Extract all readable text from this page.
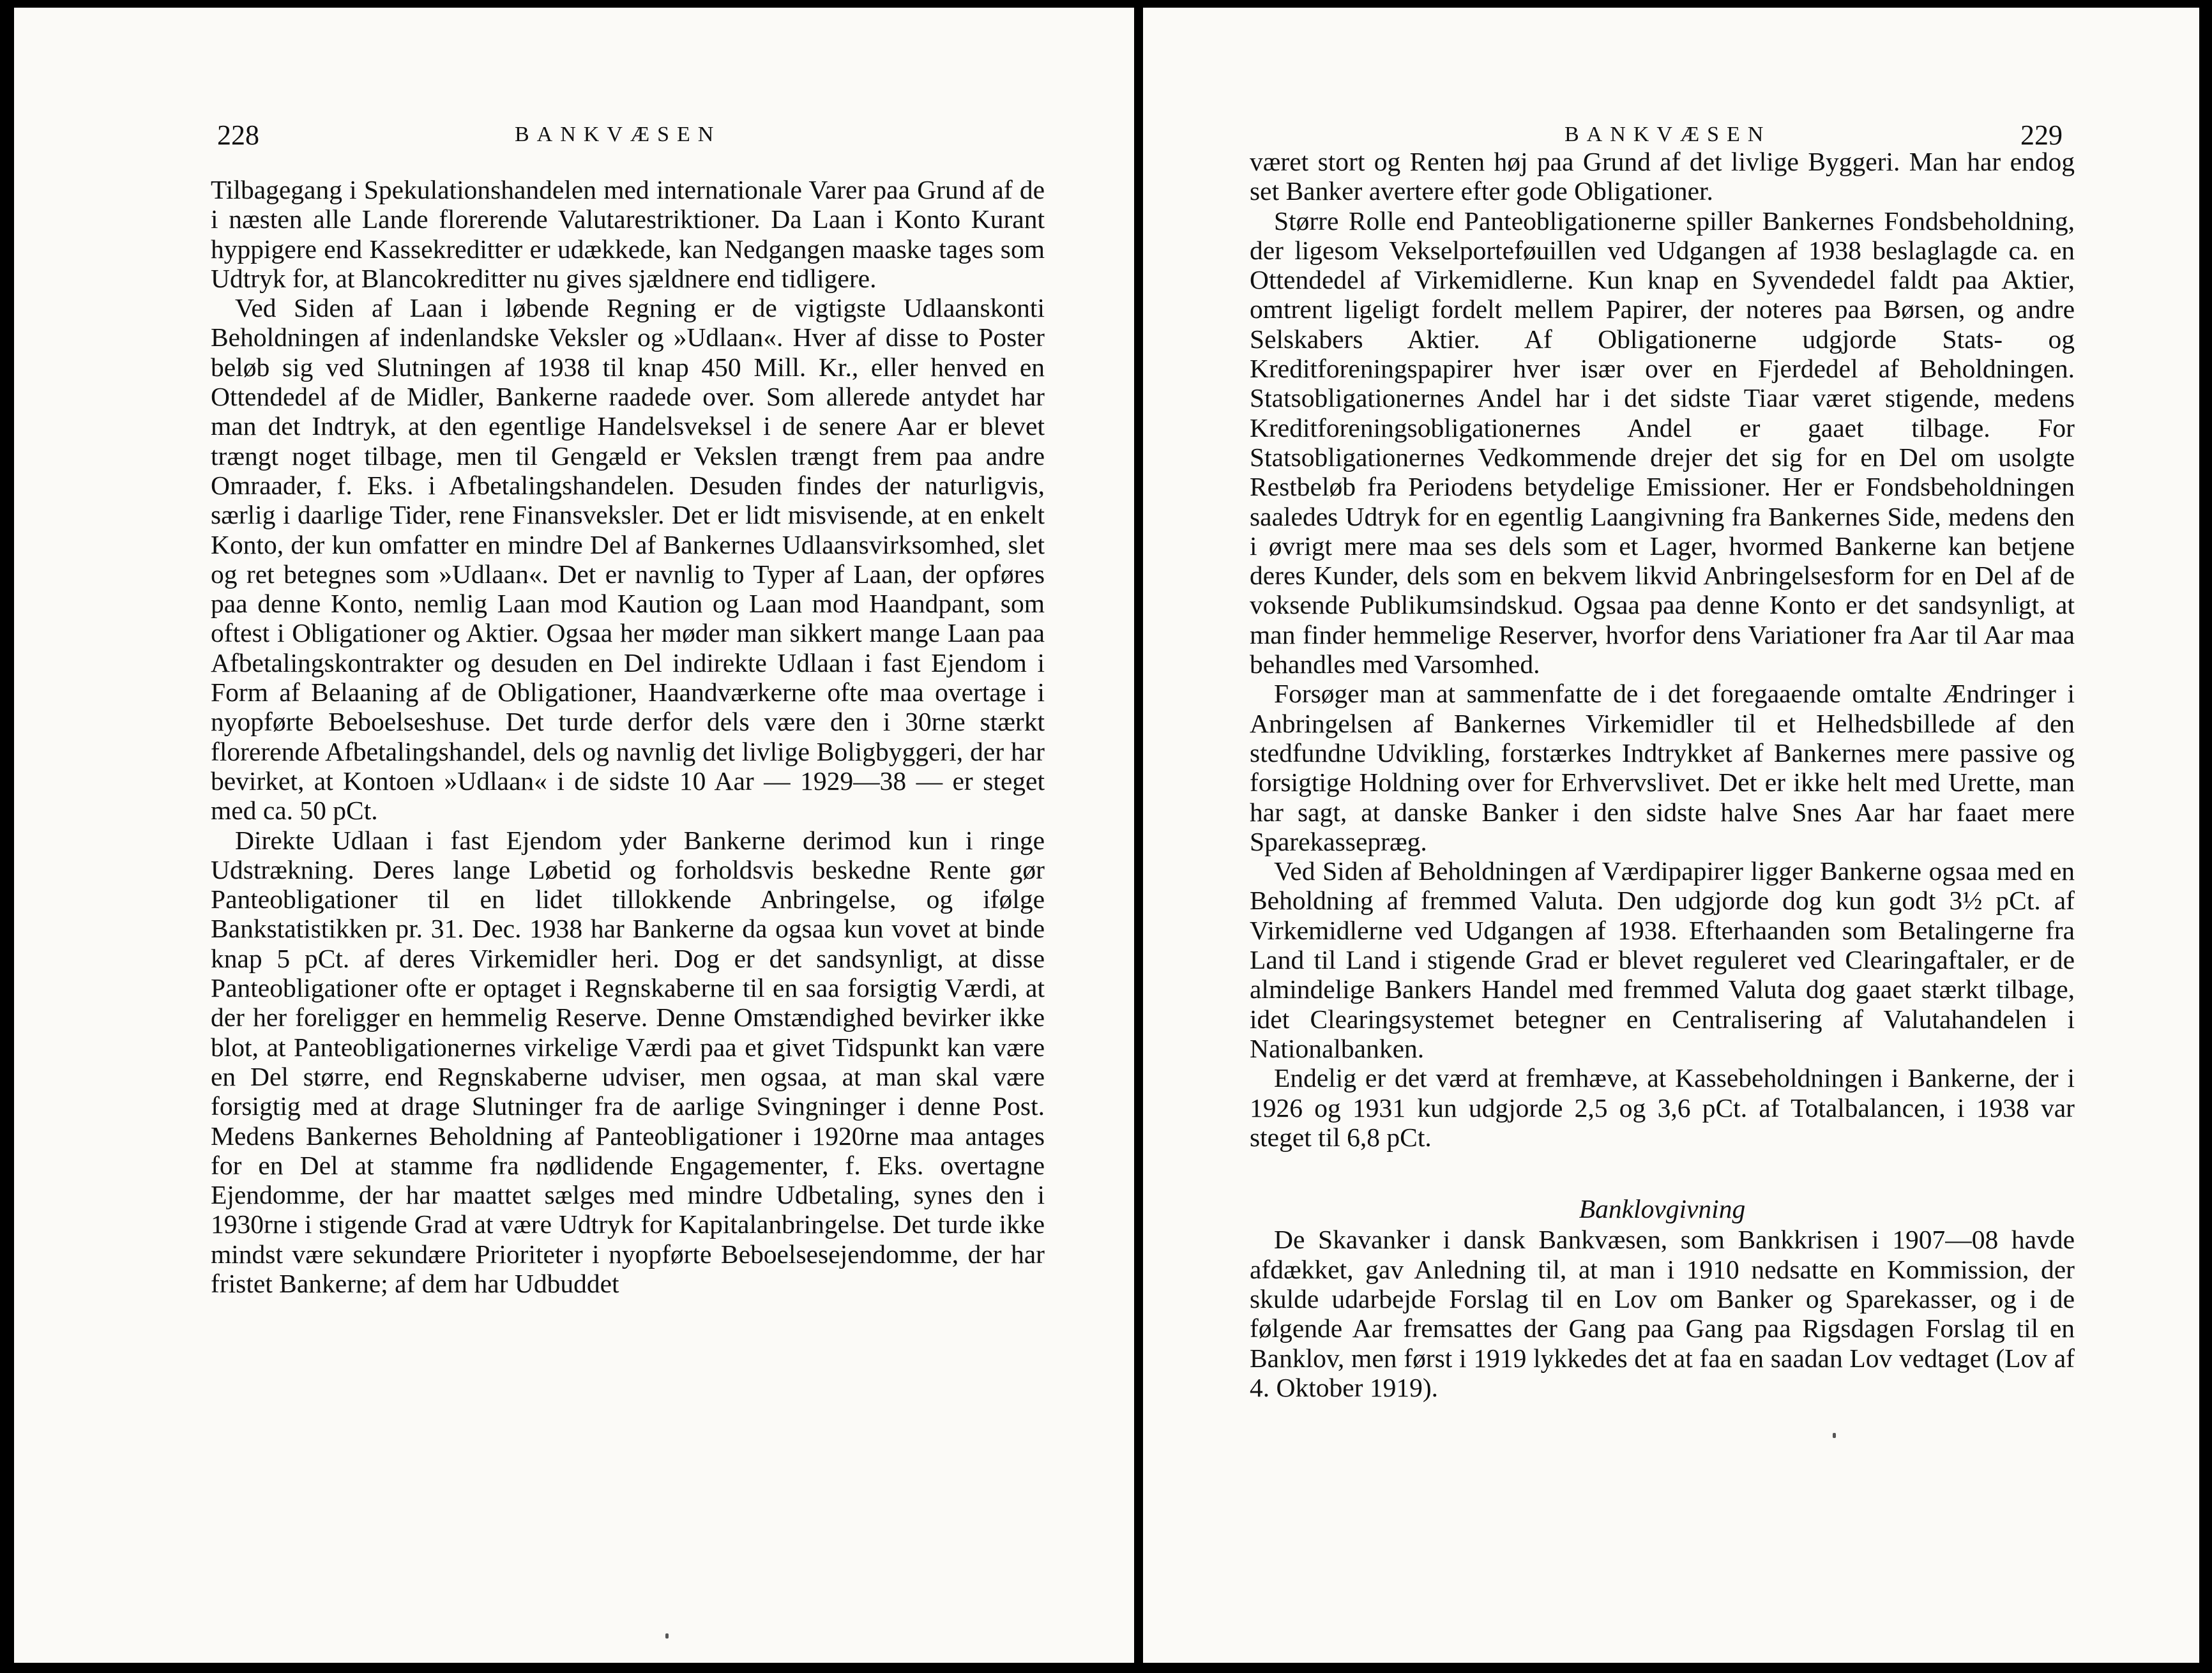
228	BANKVÆSEN

Tilbagegang i Spekulationshandelen med internationale Varer paa Grund af de i næsten alle Lande florerende Valutarestriktioner. Da Laan i Konto Kurant hyppigere end Kassekreditter er udækkede, kan Nedgangen maaske tages som Udtryk for, at Blancokreditter nu gives sjældnere end tidligere.

Ved Siden af Laan i løbende Regning er de vigtigste Udlaanskonti Beholdningen af indenlandske Veksler og »Udlaan«. Hver af disse to Poster beløb sig ved Slutningen af 1938 til knap 450 Mill. Kr., eller henved en Ottendedel af de Midler, Bankerne raadede over. Som allerede antydet har man det Indtryk, at den egentlige Handelsveksel i de senere Aar er blevet trængt noget tilbage, men til Gengæld er Vekslen trængt frem paa andre Omraader, f. Eks. i Afbetalingshandelen. Desuden findes der naturligvis, særlig i daarlige Tider, rene Finansveksler. Det er lidt misvisende, at en enkelt Konto, der kun omfatter en mindre Del af Bankernes Udlaansvirksomhed, slet og ret betegnes som »Udlaan«. Det er navnlig to Typer af Laan, der opføres paa denne Konto, nemlig Laan mod Kaution og Laan mod Haandpant, som oftest i Obligationer og Aktier. Ogsaa her møder man sikkert mange Laan paa Afbetalingskontrakter og desuden en Del indirekte Udlaan i fast Ejendom i Form af Belaaning af de Obligationer, Haandværkerne ofte maa overtage i nyopførte Beboelseshuse. Det turde derfor dels være den i 30rne stærkt florerende Afbetalingshandel, dels og navnlig det livlige Boligbyggeri, der har bevirket, at Kontoen »Udlaan« i de sidste 10 Aar — 1929—38 — er steget med ca. 50 pCt.

Direkte Udlaan i fast Ejendom yder Bankerne derimod kun i ringe Udstrækning. Deres lange Løbetid og forholdsvis beskedne Rente gør Panteobligationer til en lidet tillokkende Anbringelse, og ifølge Bankstatistikken pr. 31. Dec. 1938 har Bankerne da ogsaa kun vovet at binde knap 5 pCt. af deres Virkemidler heri. Dog er det sandsynligt, at disse Panteobligationer ofte er optaget i Regnskaberne til en saa forsigtig Værdi, at der her foreligger en hemmelig Reserve. Denne Omstændighed bevirker ikke blot, at Panteobligationernes virkelige Værdi paa et givet Tidspunkt kan være en Del større, end Regnskaberne udviser, men ogsaa, at man skal være forsigtig med at drage Slutninger fra de aarlige Svingninger i denne Post. Medens Bankernes Beholdning af Panteobligationer i 1920rne maa antages for en Del at stamme fra nødlidende Engagementer, f. Eks. overtagne Ejendomme, der har maattet sælges med mindre Udbetaling, synes den i 1930rne i stigende Grad at være Udtryk for Kapitalanbringelse. Det turde ikke mindst være sekundære Prioriteter i nyopførte Beboelsesejendomme, der har fristet Bankerne; af dem har Udbuddet

BANKVÆSEN	229

været stort og Renten høj paa Grund af det livlige Byggeri. Man har endog set Banker avertere efter gode Obligationer.

Større Rolle end Panteobligationerne spiller Bankernes Fondsbeholdning, der ligesom Vekselporteføuillen ved Udgangen af 1938 beslaglagde ca. en Ottendedel af Virkemidlerne. Kun knap en Syvendedel faldt paa Aktier, omtrent ligeligt fordelt mellem Papirer, der noteres paa Børsen, og andre Selskabers Aktier. Af Obligationerne udgjorde Stats- og Kreditforeningspapirer hver især over en Fjerdedel af Beholdningen. Statsobligationernes Andel har i det sidste Tiaar været stigende, medens Kreditforeningsobligationernes Andel er gaaet tilbage. For Statsobligationernes Vedkommende drejer det sig for en Del om usolgte Restbeløb fra Periodens betydelige Emissioner. Her er Fondsbeholdningen saaledes Udtryk for en egentlig Laangivning fra Bankernes Side, medens den i øvrigt mere maa ses dels som et Lager, hvormed Bankerne kan betjene deres Kunder, dels som en bekvem likvid Anbringelsesform for en Del af de voksende Publikumsindskud. Ogsaa paa denne Konto er det sandsynligt, at man finder hemmelige Reserver, hvorfor dens Variationer fra Aar til Aar maa behandles med Varsomhed.

Forsøger man at sammenfatte de i det foregaaende omtalte Ændringer i Anbringelsen af Bankernes Virkemidler til et Helhedsbillede af den stedfundne Udvikling, forstærkes Indtrykket af Bankernes mere passive og forsigtige Holdning over for Erhvervslivet. Det er ikke helt med Urette, man har sagt, at danske Banker i den sidste halve Snes Aar har faaet mere Sparekassepræg.

Ved Siden af Beholdningen af Værdipapirer ligger Bankerne ogsaa med en Beholdning af fremmed Valuta. Den udgjorde dog kun godt 3½ pCt. af Virkemidlerne ved Udgangen af 1938. Efterhaanden som Betalingerne fra Land til Land i stigende Grad er blevet reguleret ved Clearingaftaler, er de almindelige Bankers Handel med fremmed Valuta dog gaaet stærkt tilbage, idet Clearingsystemet betegner en Centralisering af Valutahandelen i Nationalbanken.

Endelig er det værd at fremhæve, at Kassebeholdningen i Bankerne, der i 1926 og 1931 kun udgjorde 2,5 og 3,6 pCt. af Totalbalancen, i 1938 var steget til 6,8 pCt.

Banklovgivning

De Skavanker i dansk Bankvæsen, som Bankkrisen i 1907—08 havde afdækket, gav Anledning til, at man i 1910 nedsatte en Kommission, der skulde udarbejde Forslag til en Lov om Banker og Sparekasser, og i de følgende Aar fremsattes der Gang paa Gang paa Rigsdagen Forslag til en Banklov, men først i 1919 lykkedes det at faa en saadan Lov vedtaget (Lov af 4. Oktober 1919).
